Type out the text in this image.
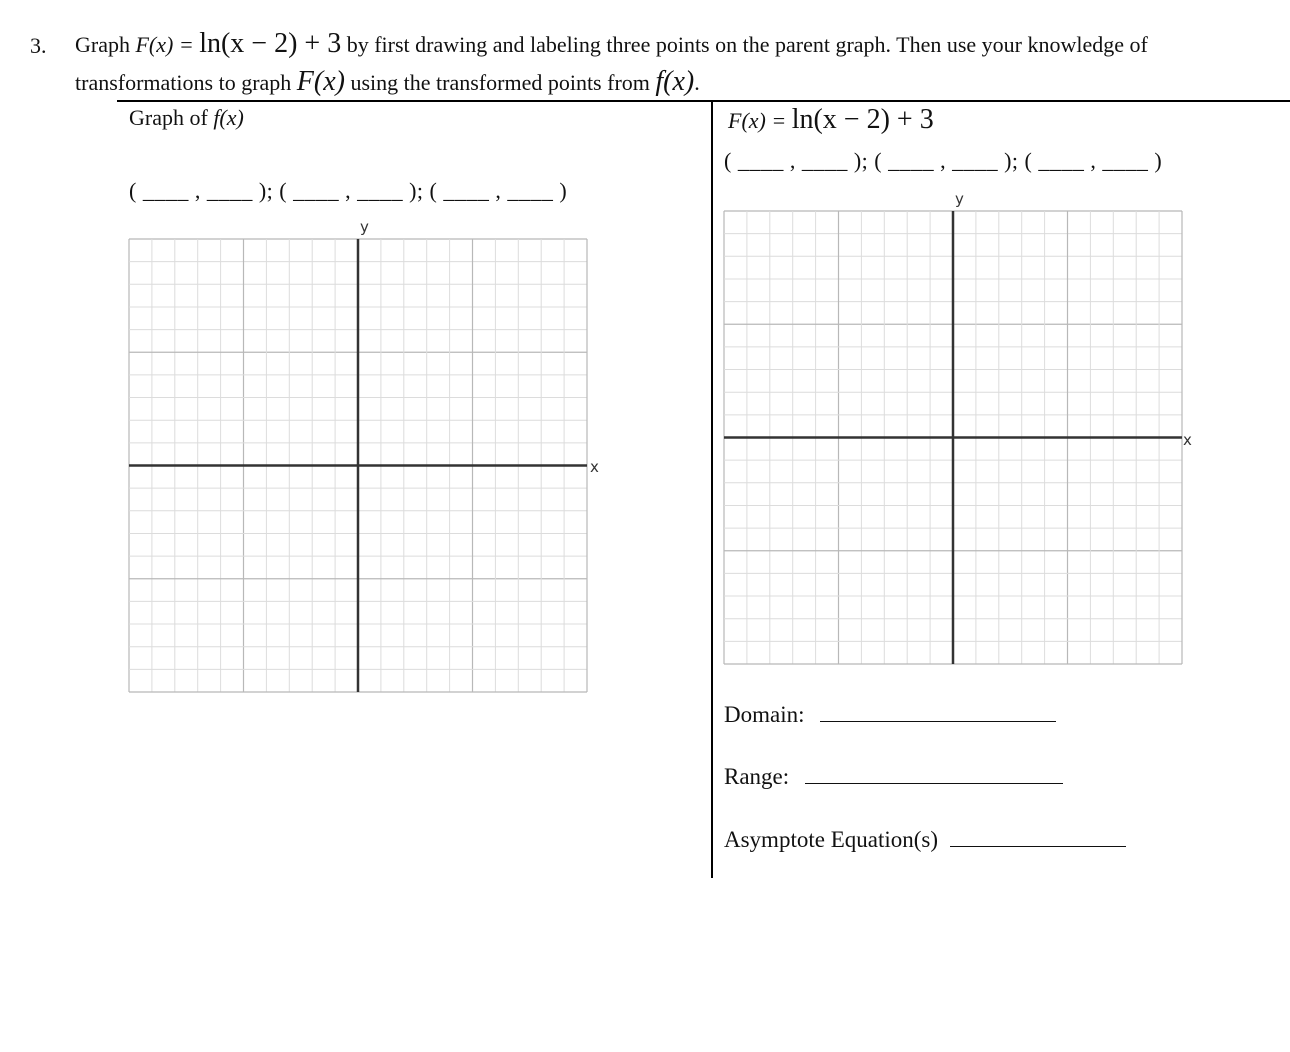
3. Graph F(x) = ln(x − 2) + 3 by first drawing and labeling three points on the parent graph. Then use your knowledge of
transformations to graph F(x) using the transformed points from f(x).
Graph of f(x)
( ____ , ____ ); ( ____ , ____ ); ( ____ , ____ )
y
x
F(x) = ln(x − 2) + 3
( ____ , ____ ); ( ____ , ____ ); ( ____ , ____ )
y
x
Domain:
Range:
Asymptote Equation(s)
